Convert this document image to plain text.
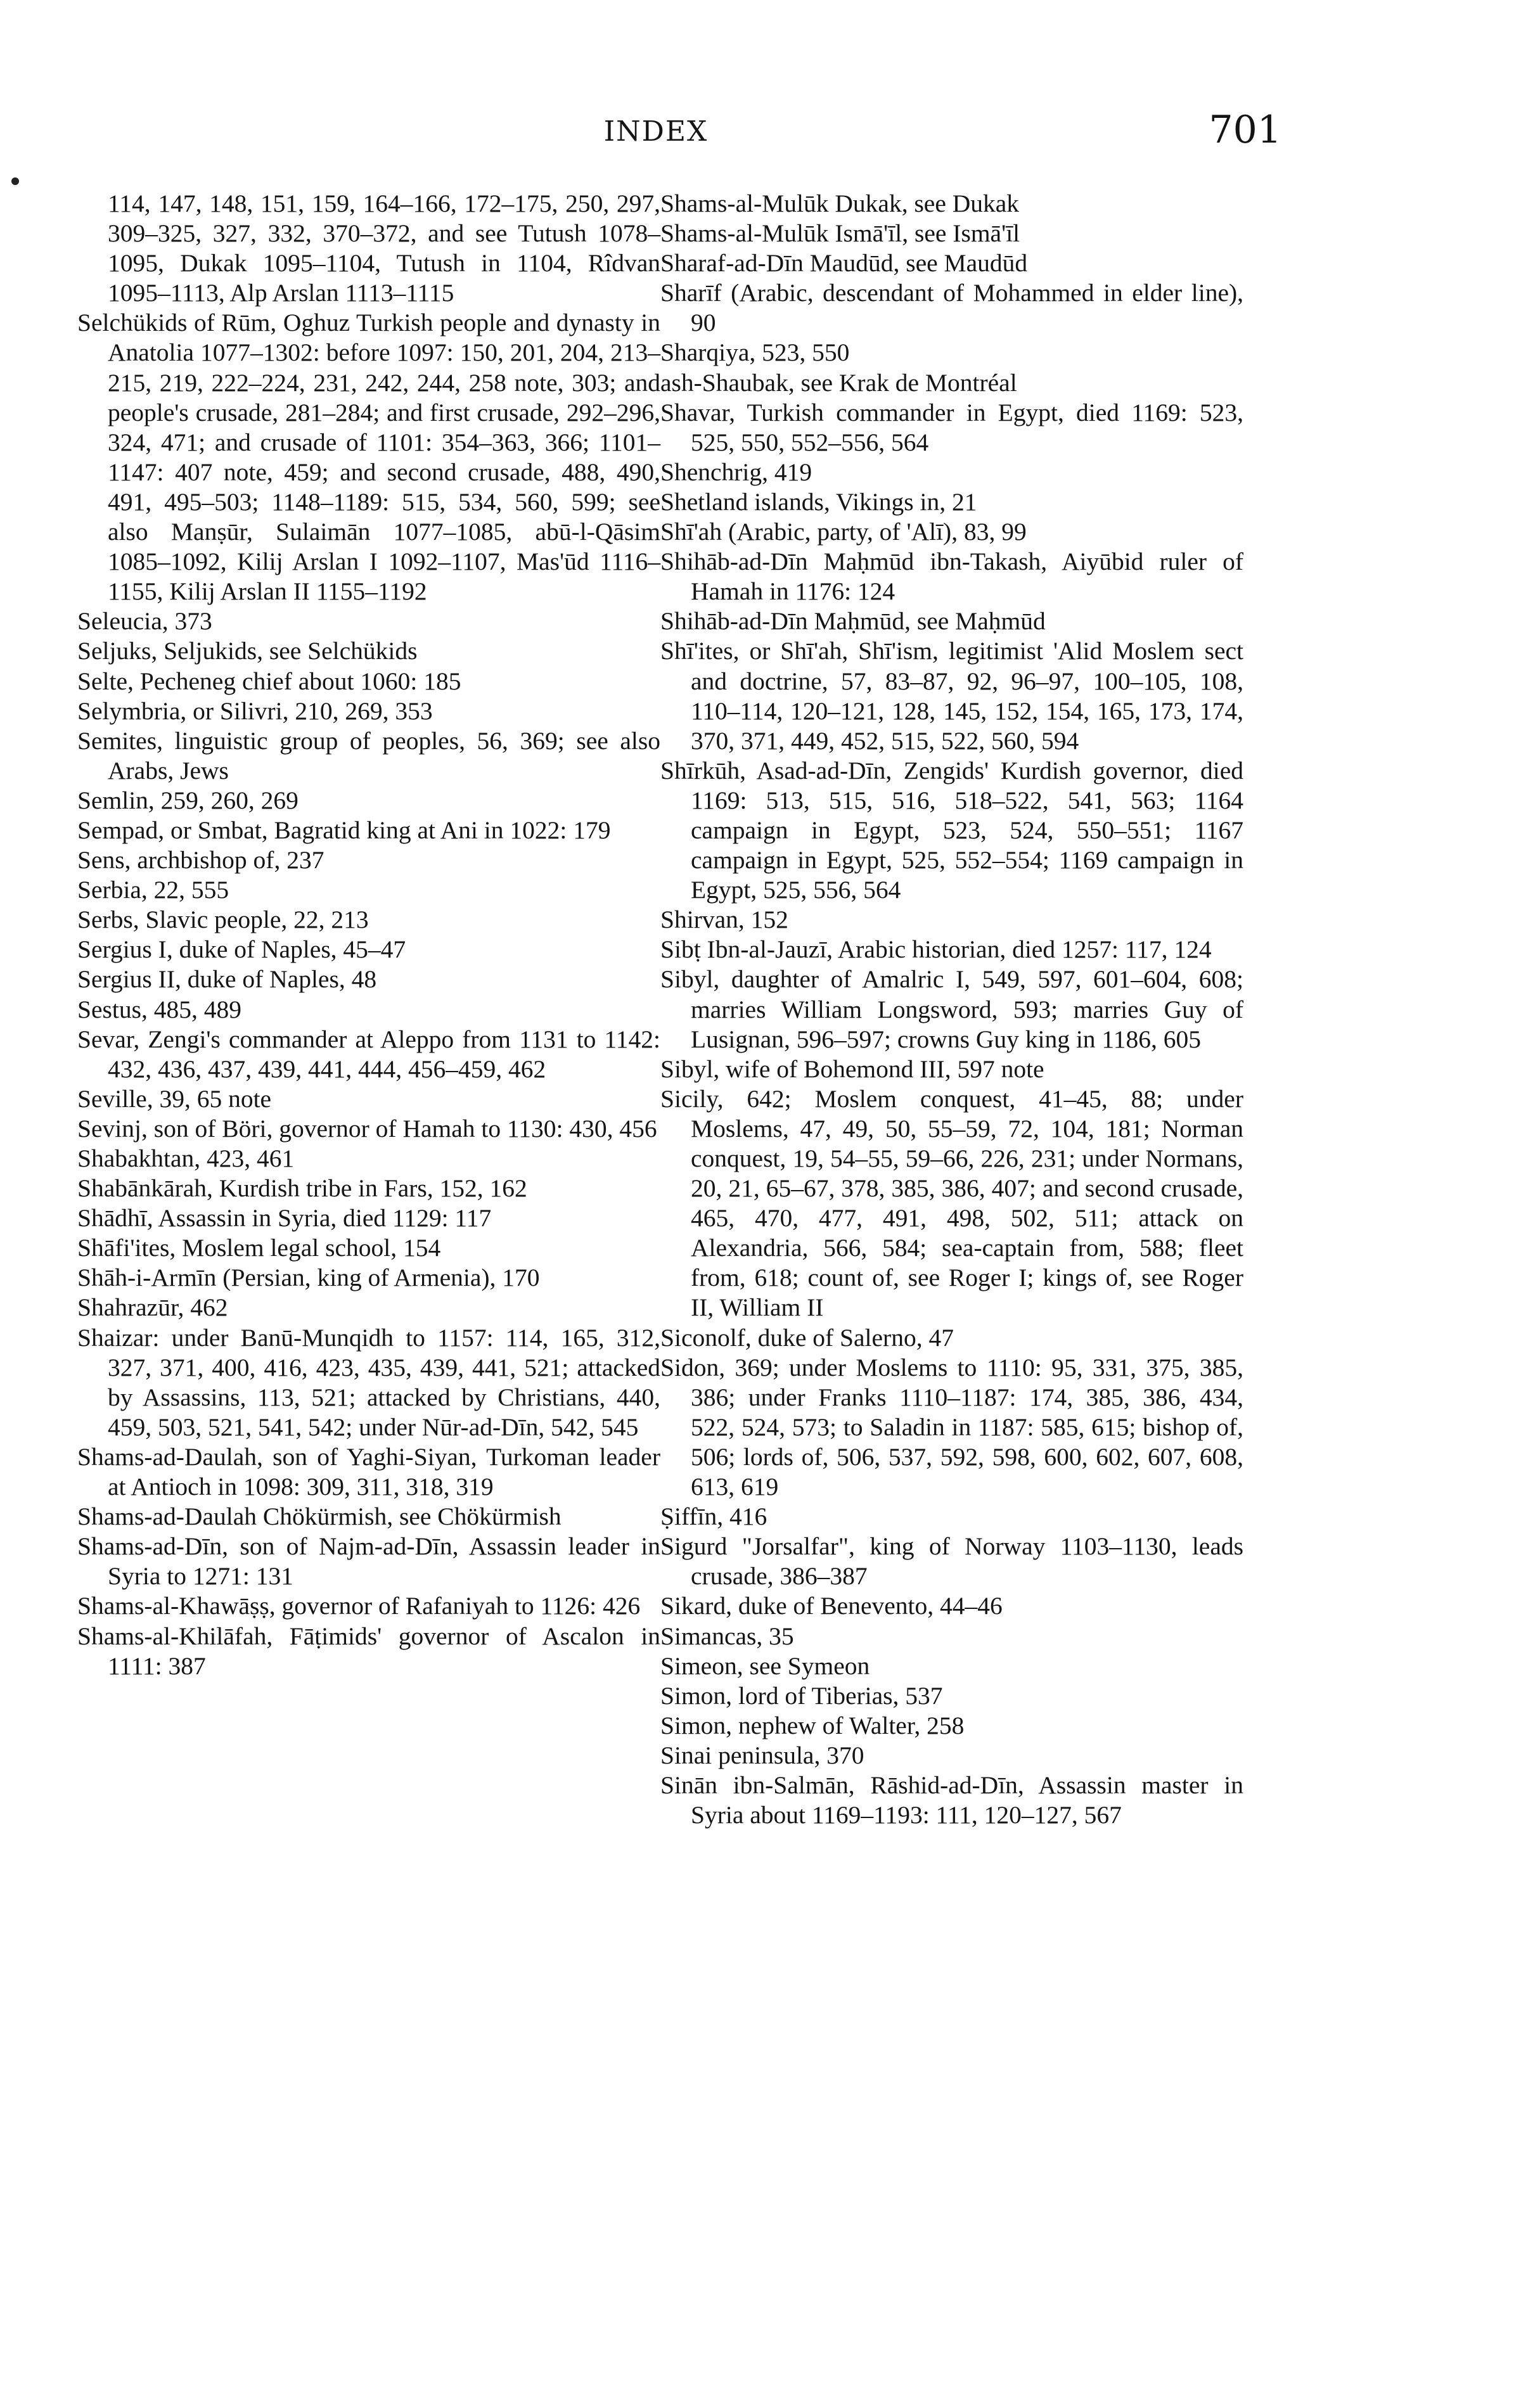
INDEX	701
114, 147, 148, 151, 159, 164–166, 172–175, 250, 297, 309–325, 327, 332, 370–372, and see Tutush 1078–1095, Dukak 1095–1104, Tutush in 1104, Rîdvan 1095–1113, Alp Arslan 1113–1115
Selchükids of Rūm, Oghuz Turkish people and dynasty in Anatolia 1077–1302: before 1097: 150, 201, 204, 213–215, 219, 222–224, 231, 242, 244, 258 note, 303; and people's crusade, 281–284; and first crusade, 292–296, 324, 471; and crusade of 1101: 354–363, 366; 1101–1147: 407 note, 459; and second crusade, 488, 490, 491, 495–503; 1148–1189: 515, 534, 560, 599; see also Manṣūr, Sulaimān 1077–1085, abū-l-Qāsim 1085–1092, Kilij Arslan I 1092–1107, Mas'ūd 1116–1155, Kilij Arslan II 1155–1192
Seleucia, 373
Seljuks, Seljukids, see Selchükids
Selte, Pecheneg chief about 1060: 185
Selymbria, or Silivri, 210, 269, 353
Semites, linguistic group of peoples, 56, 369; see also Arabs, Jews
Semlin, 259, 260, 269
Sempad, or Smbat, Bagratid king at Ani in 1022: 179
Sens, archbishop of, 237
Serbia, 22, 555
Serbs, Slavic people, 22, 213
Sergius I, duke of Naples, 45–47
Sergius II, duke of Naples, 48
Sestus, 485, 489
Sevar, Zengi's commander at Aleppo from 1131 to 1142: 432, 436, 437, 439, 441, 444, 456–459, 462
Seville, 39, 65 note
Sevinj, son of Böri, governor of Hamah to 1130: 430, 456
Shabakhtan, 423, 461
Shabānkārah, Kurdish tribe in Fars, 152, 162
Shādhī, Assassin in Syria, died 1129: 117
Shāfi'ites, Moslem legal school, 154
Shāh-i-Armīn (Persian, king of Armenia), 170
Shahrazūr, 462
Shaizar: under Banū-Munqidh to 1157: 114, 165, 312, 327, 371, 400, 416, 423, 435, 439, 441, 521; attacked by Assassins, 113, 521; attacked by Christians, 440, 459, 503, 521, 541, 542; under Nūr-ad-Dīn, 542, 545
Shams-ad-Daulah, son of Yaghi-Siyan, Turkoman leader at Antioch in 1098: 309, 311, 318, 319
Shams-ad-Daulah Chökürmish, see Chökürmish
Shams-ad-Dīn, son of Najm-ad-Dīn, Assassin leader in Syria to 1271: 131
Shams-al-Khawāṣṣ, governor of Rafaniyah to 1126: 426
Shams-al-Khilāfah, Fāṭimids' governor of Ascalon in 1111: 387
Shams-al-Mulūk Dukak, see Dukak
Shams-al-Mulūk Ismā'īl, see Ismā'īl
Sharaf-ad-Dīn Maudūd, see Maudūd
Sharīf (Arabic, descendant of Mohammed in elder line), 90
Sharqiya, 523, 550
ash-Shaubak, see Krak de Montréal
Shavar, Turkish commander in Egypt, died 1169: 523, 525, 550, 552–556, 564
Shenchrig, 419
Shetland islands, Vikings in, 21
Shī'ah (Arabic, party, of 'Alī), 83, 99
Shihāb-ad-Dīn Maḥmūd ibn-Takash, Aiyūbid ruler of Hamah in 1176: 124
Shihāb-ad-Dīn Maḥmūd, see Maḥmūd
Shī'ites, or Shī'ah, Shī'ism, legitimist 'Alid Moslem sect and doctrine, 57, 83–87, 92, 96–97, 100–105, 108, 110–114, 120–121, 128, 145, 152, 154, 165, 173, 174, 370, 371, 449, 452, 515, 522, 560, 594
Shīrkūh, Asad-ad-Dīn, Zengids' Kurdish governor, died 1169: 513, 515, 516, 518–522, 541, 563; 1164 campaign in Egypt, 523, 524, 550–551; 1167 campaign in Egypt, 525, 552–554; 1169 campaign in Egypt, 525, 556, 564
Shirvan, 152
Sibṭ Ibn-al-Jauzī, Arabic historian, died 1257: 117, 124
Sibyl, daughter of Amalric I, 549, 597, 601–604, 608; marries William Longsword, 593; marries Guy of Lusignan, 596–597; crowns Guy king in 1186, 605
Sibyl, wife of Bohemond III, 597 note
Sicily, 642; Moslem conquest, 41–45, 88; under Moslems, 47, 49, 50, 55–59, 72, 104, 181; Norman conquest, 19, 54–55, 59–66, 226, 231; under Normans, 20, 21, 65–67, 378, 385, 386, 407; and second crusade, 465, 470, 477, 491, 498, 502, 511; attack on Alexandria, 566, 584; sea-captain from, 588; fleet from, 618; count of, see Roger I; kings of, see Roger II, William II
Siconolf, duke of Salerno, 47
Sidon, 369; under Moslems to 1110: 95, 331, 375, 385, 386; under Franks 1110–1187: 174, 385, 386, 434, 522, 524, 573; to Saladin in 1187: 585, 615; bishop of, 506; lords of, 506, 537, 592, 598, 600, 602, 607, 608, 613, 619
Ṣiffīn, 416
Sigurd "Jorsalfar", king of Norway 1103–1130, leads crusade, 386–387
Sikard, duke of Benevento, 44–46
Simancas, 35
Simeon, see Symeon
Simon, lord of Tiberias, 537
Simon, nephew of Walter, 258
Sinai peninsula, 370
Sinān ibn-Salmān, Rāshid-ad-Dīn, Assassin master in Syria about 1169–1193: 111, 120–127, 567
